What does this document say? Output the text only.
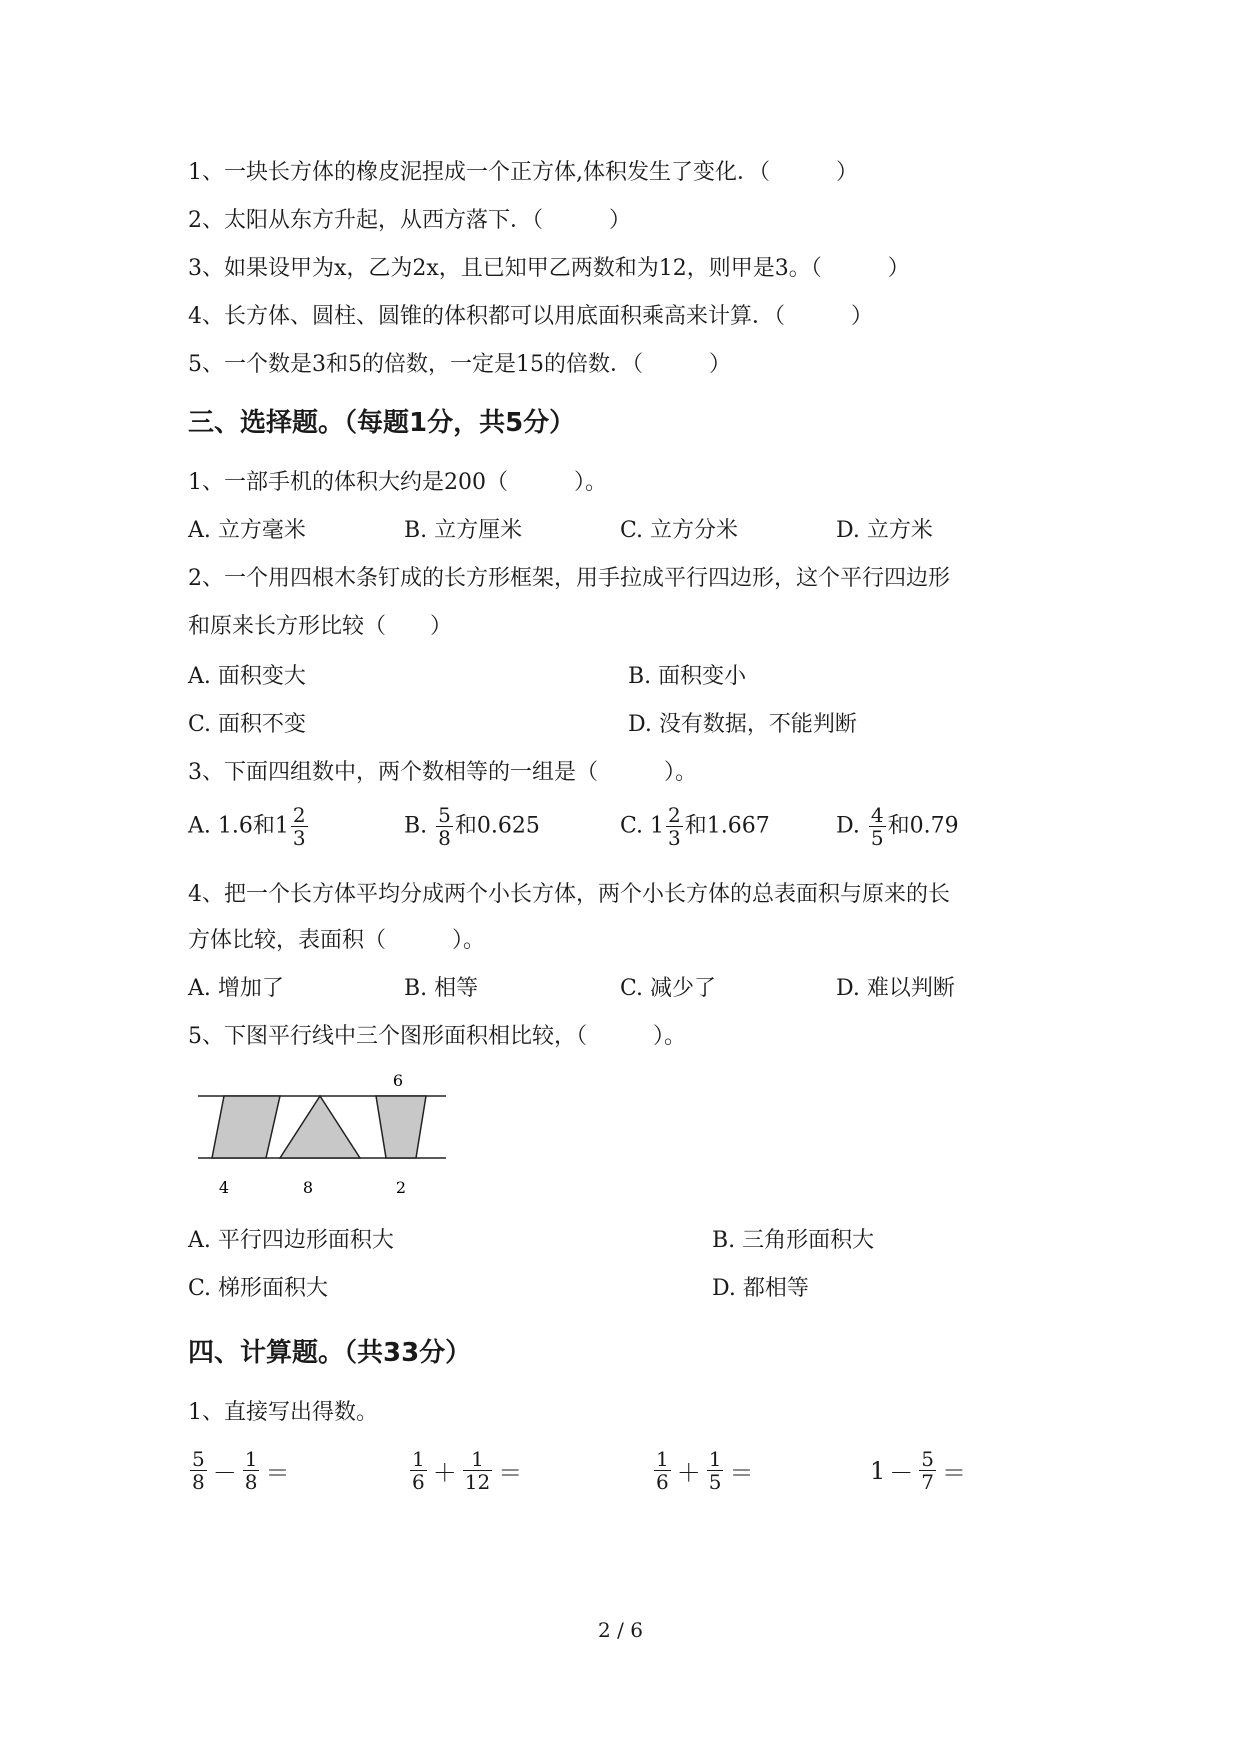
1、一块长方体的橡皮泥捏成一个正方体,体积发生了变化．（　　　）
2、太阳从东方升起，从西方落下．（　　　）
3、如果设甲为x，乙为2x，且已知甲乙两数和为12，则甲是3。（　　　）
4、长方体、圆柱、圆锥的体积都可以用底面积乘高来计算．（　　　）
5、一个数是3和5的倍数，一定是15的倍数．（　　　）
三、选择题。（每题1分，共5分）
1、一部手机的体积大约是200（　　　）。
A. 立方毫米	B. 立方厘米	C. 立方分米	D. 立方米
2、一个用四根木条钉成的长方形框架，用手拉成平行四边形，这个平行四边形
和原来长方形比较（　　）
A. 面积变大	B. 面积变小
C. 面积不变	D. 没有数据，不能判断
3、下面四组数中，两个数相等的一组是（　　　）。
A. 1.6和$1 \frac{2}{3}$	B. $\frac{5}{8}$ 和0.625	C. $1 \frac{2}{3}$ 和1.667	D. $\frac{4}{5}$ 和0.79
4、把一个长方体平均分成两个小长方体，两个小长方体的总表面积与原来的长
方体比较，表面积（　　　）。
A. 增加了	B. 相等	C. 减少了	D. 难以判断
5、下图平行线中三个图形面积相比较，（　　　）。
6
4	8	2
A. 平行四边形面积大	B. 三角形面积大
C. 梯形面积大	D. 都相等
四、计算题。（共33分）
1、直接写出得数。
$\frac{5}{8} - \frac{1}{8}$ ＝	$\frac{1}{6} + \frac{1}{12}$ ＝	$\frac{1}{6} + \frac{1}{5}$ ＝	$1 - \frac{5}{7}$ ＝
2 / 6
